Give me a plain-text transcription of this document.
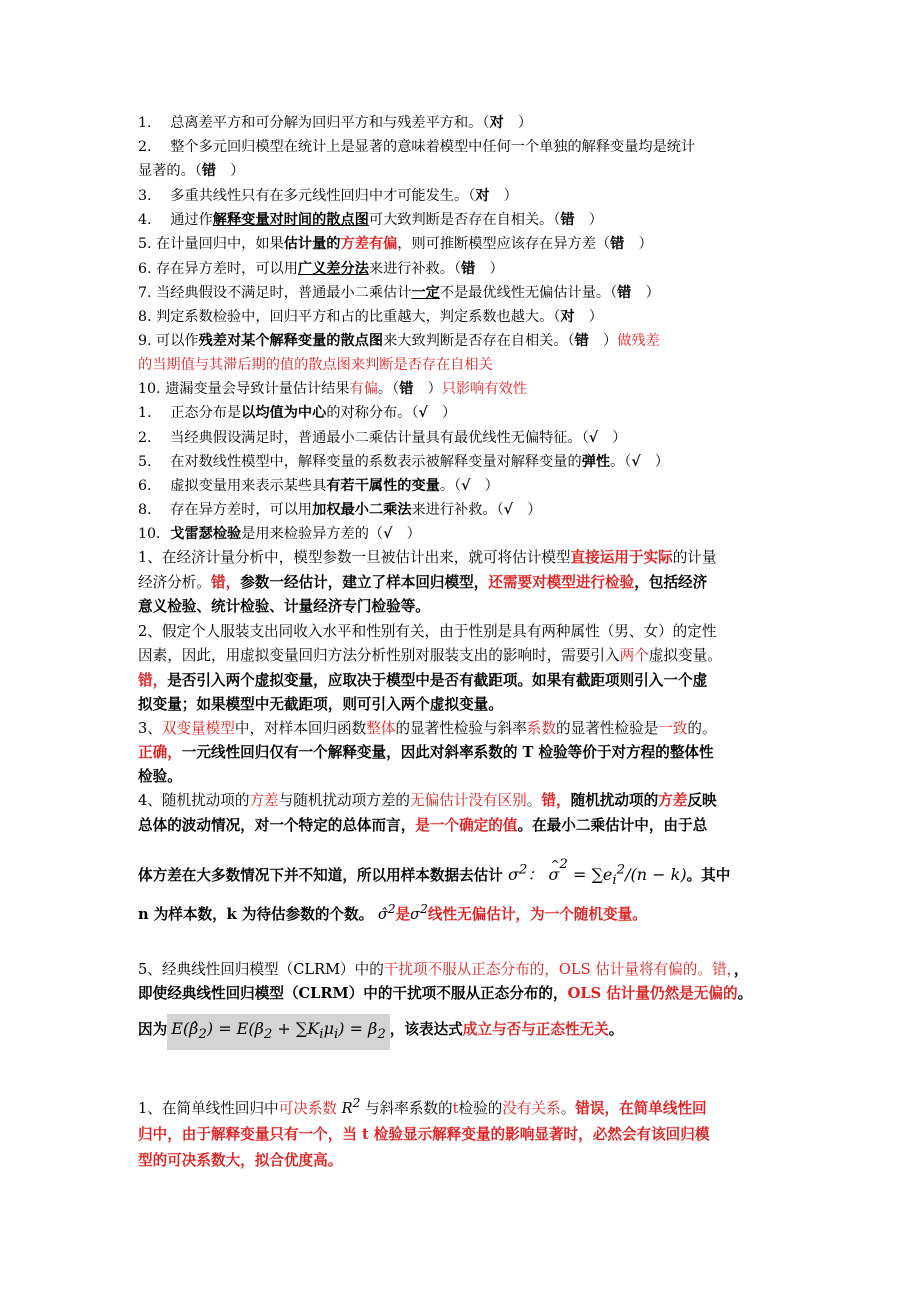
1.　 总离差平方和可分解为回归平方和与残差平方和。（对　）
2.　 整个多元回归模型在统计上是显著的意味着模型中任何一个单独的解释变量均是统计
显著的。（错　）
3.　 多重共线性只有在多元线性回归中才可能发生。（对　）
4.　 通过作解释变量对时间的散点图可大致判断是否存在自相关。（错　）
5. 在计量回归中，如果估计量的方差有偏，则可推断模型应该存在异方差（错　）
6. 存在异方差时，可以用广义差分法来进行补救。（错　）
7. 当经典假设不满足时，普通最小二乘估计一定不是最优线性无偏估计量。（错　）
8. 判定系数检验中，回归平方和占的比重越大，判定系数也越大。（对　）
9. 可以作残差对某个解释变量的散点图来大致判断是否存在自相关。（错　）做残差
的当期值与其滞后期的值的散点图来判断是否存在自相关
10. 遗漏变量会导致计量估计结果有偏。（错　）只影响有效性
1.　 正态分布是以均值为中心的对称分布。（√　）
2.　 当经典假设满足时，普通最小二乘估计量具有最优线性无偏特征。（√　）
5.　 在对数线性模型中，解释变量的系数表示被解释变量对解释变量的弹性。（√　）
6.　 虚拟变量用来表示某些具有若干属性的变量。（√　）
8.　 存在异方差时，可以用加权最小二乘法来进行补救。（√　）
10．戈雷瑟检验是用来检验异方差的（√　）
1、在经济计量分析中，模型参数一旦被估计出来，就可将估计模型直接运用于实际的计量
经济分析。错，参数一经估计，建立了样本回归模型，还需要对模型进行检验，包括经济
意义检验、统计检验、计量经济专门检验等。
2、假定个人服装支出同收入水平和性别有关，由于性别是具有两种属性（男、女）的定性
因素，因此，用虚拟变量回归方法分析性别对服装支出的影响时，需要引入两个虚拟变量。
错，是否引入两个虚拟变量，应取决于模型中是否有截距项。如果有截距项则引入一个虚
拟变量；如果模型中无截距项，则可引入两个虚拟变量。
3、双变量模型中，对样本回归函数整体的显著性检验与斜率系数的显著性检验是一致的。
正确，一元线性回归仅有一个解释变量，因此对斜率系数的 T 检验等价于对方程的整体性
检验。
4、随机扰动项的方差与随机扰动项方差的无偏估计没有区别。错，随机扰动项的方差反映
总体的波动情况，对一个特定的总体而言，是一个确定的值。在最小二乘估计中，由于总
体方差在大多数情况下并不知道，所以用样本数据去估计 $\sigma^2$： ^ $\sigma^2 = \sum e_i^2/(n - k)$。其中
n 为样本数，k 为待估参数的个数。 σ̂$^2$是$\sigma^2$线性无偏估计，为一个随机变量。
5、经典线性回归模型（CLRM）中的干扰项不服从正态分布的，OLS 估计量将有偏的。错，，
即使经典线性回归模型（CLRM）中的干扰项不服从正态分布的，OLS 估计量仍然是无偏的。
因为 $E(\betâ_2) = E(\beta_2 + \sum K_i\mu_i) = \beta_2$ ，该表达式成立与否与正态性无关。
1、在简单线性回归中可决系数 $R^2$ 与斜率系数的t检验的没有关系。错误，在简单线性回
归中，由于解释变量只有一个，当 t 检验显示解释变量的影响显著时，必然会有该回归模
型的可决系数大，拟合优度高。
